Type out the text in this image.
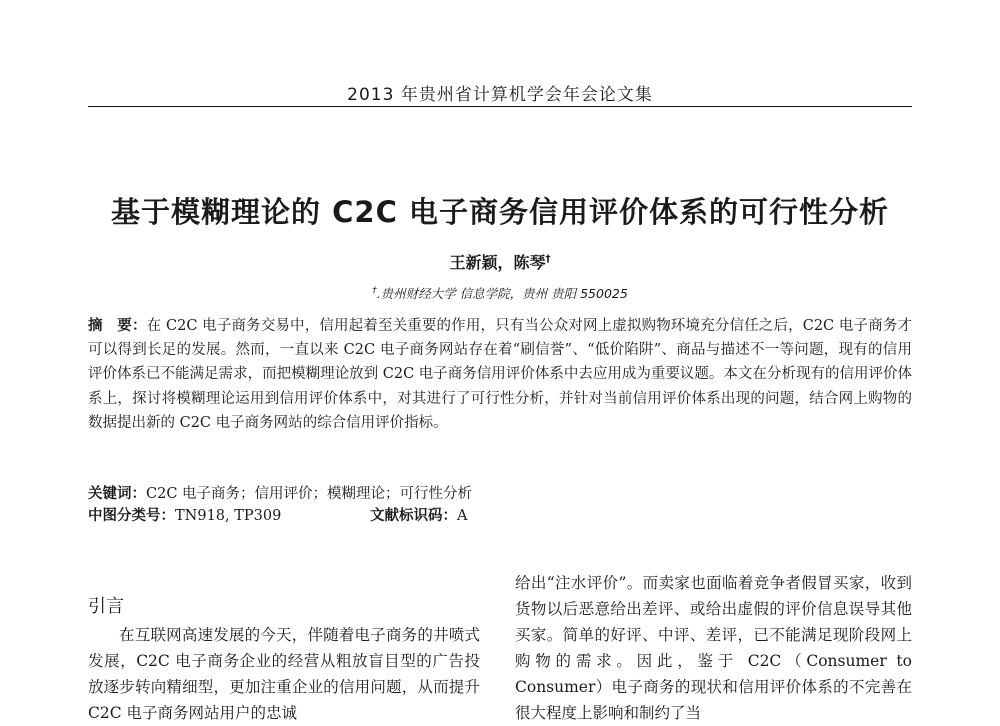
2013 年贵州省计算机学会年会论文集
基于模糊理论的 C2C 电子商务信用评价体系的可行性分析
王新颖，陈琴†
†.贵州财经大学 信息学院，贵州 贵阳 550025
摘　要：在 C2C 电子商务交易中，信用起着至关重要的作用，只有当公众对网上虚拟购物环境充分信任之后，C2C 电子商务才可以得到长足的发展。然而，一直以来 C2C 电子商务网站存在着“刷信誉”、“低价陷阱”、商品与描述不一等问题，现有的信用评价体系已不能满足需求，而把模糊理论放到 C2C 电子商务信用评价体系中去应用成为重要议题。本文在分析现有的信用评价体系上，探讨将模糊理论运用到信用评价体系中，对其进行了可行性分析，并针对当前信用评价体系出现的问题，结合网上购物的数据提出新的 C2C 电子商务网站的综合信用评价指标。
关键词：C2C 电子商务；信用评价；模糊理论；可行性分析
中图分类号：TN918, TP309	文献标识码：A
引言
在互联网高速发展的今天，伴随着电子商务的井喷式发展，C2C 电子商务企业的经营从粗放盲目型的广告投放逐步转向精细型，更加注重企业的信用问题，从而提升 C2C 电子商务网站用户的忠诚
给出“注水评价”。而卖家也面临着竞争者假冒买家，收到货物以后恶意给出差评、或给出虚假的评价信息误导其他买家。简单的好评、中评、差评，已不能满足现阶段网上购物的需求。因此，鉴于 C2C（Consumer to Consumer）电子商务的现状和信用评价体系的不完善在很大程度上影响和制约了当
